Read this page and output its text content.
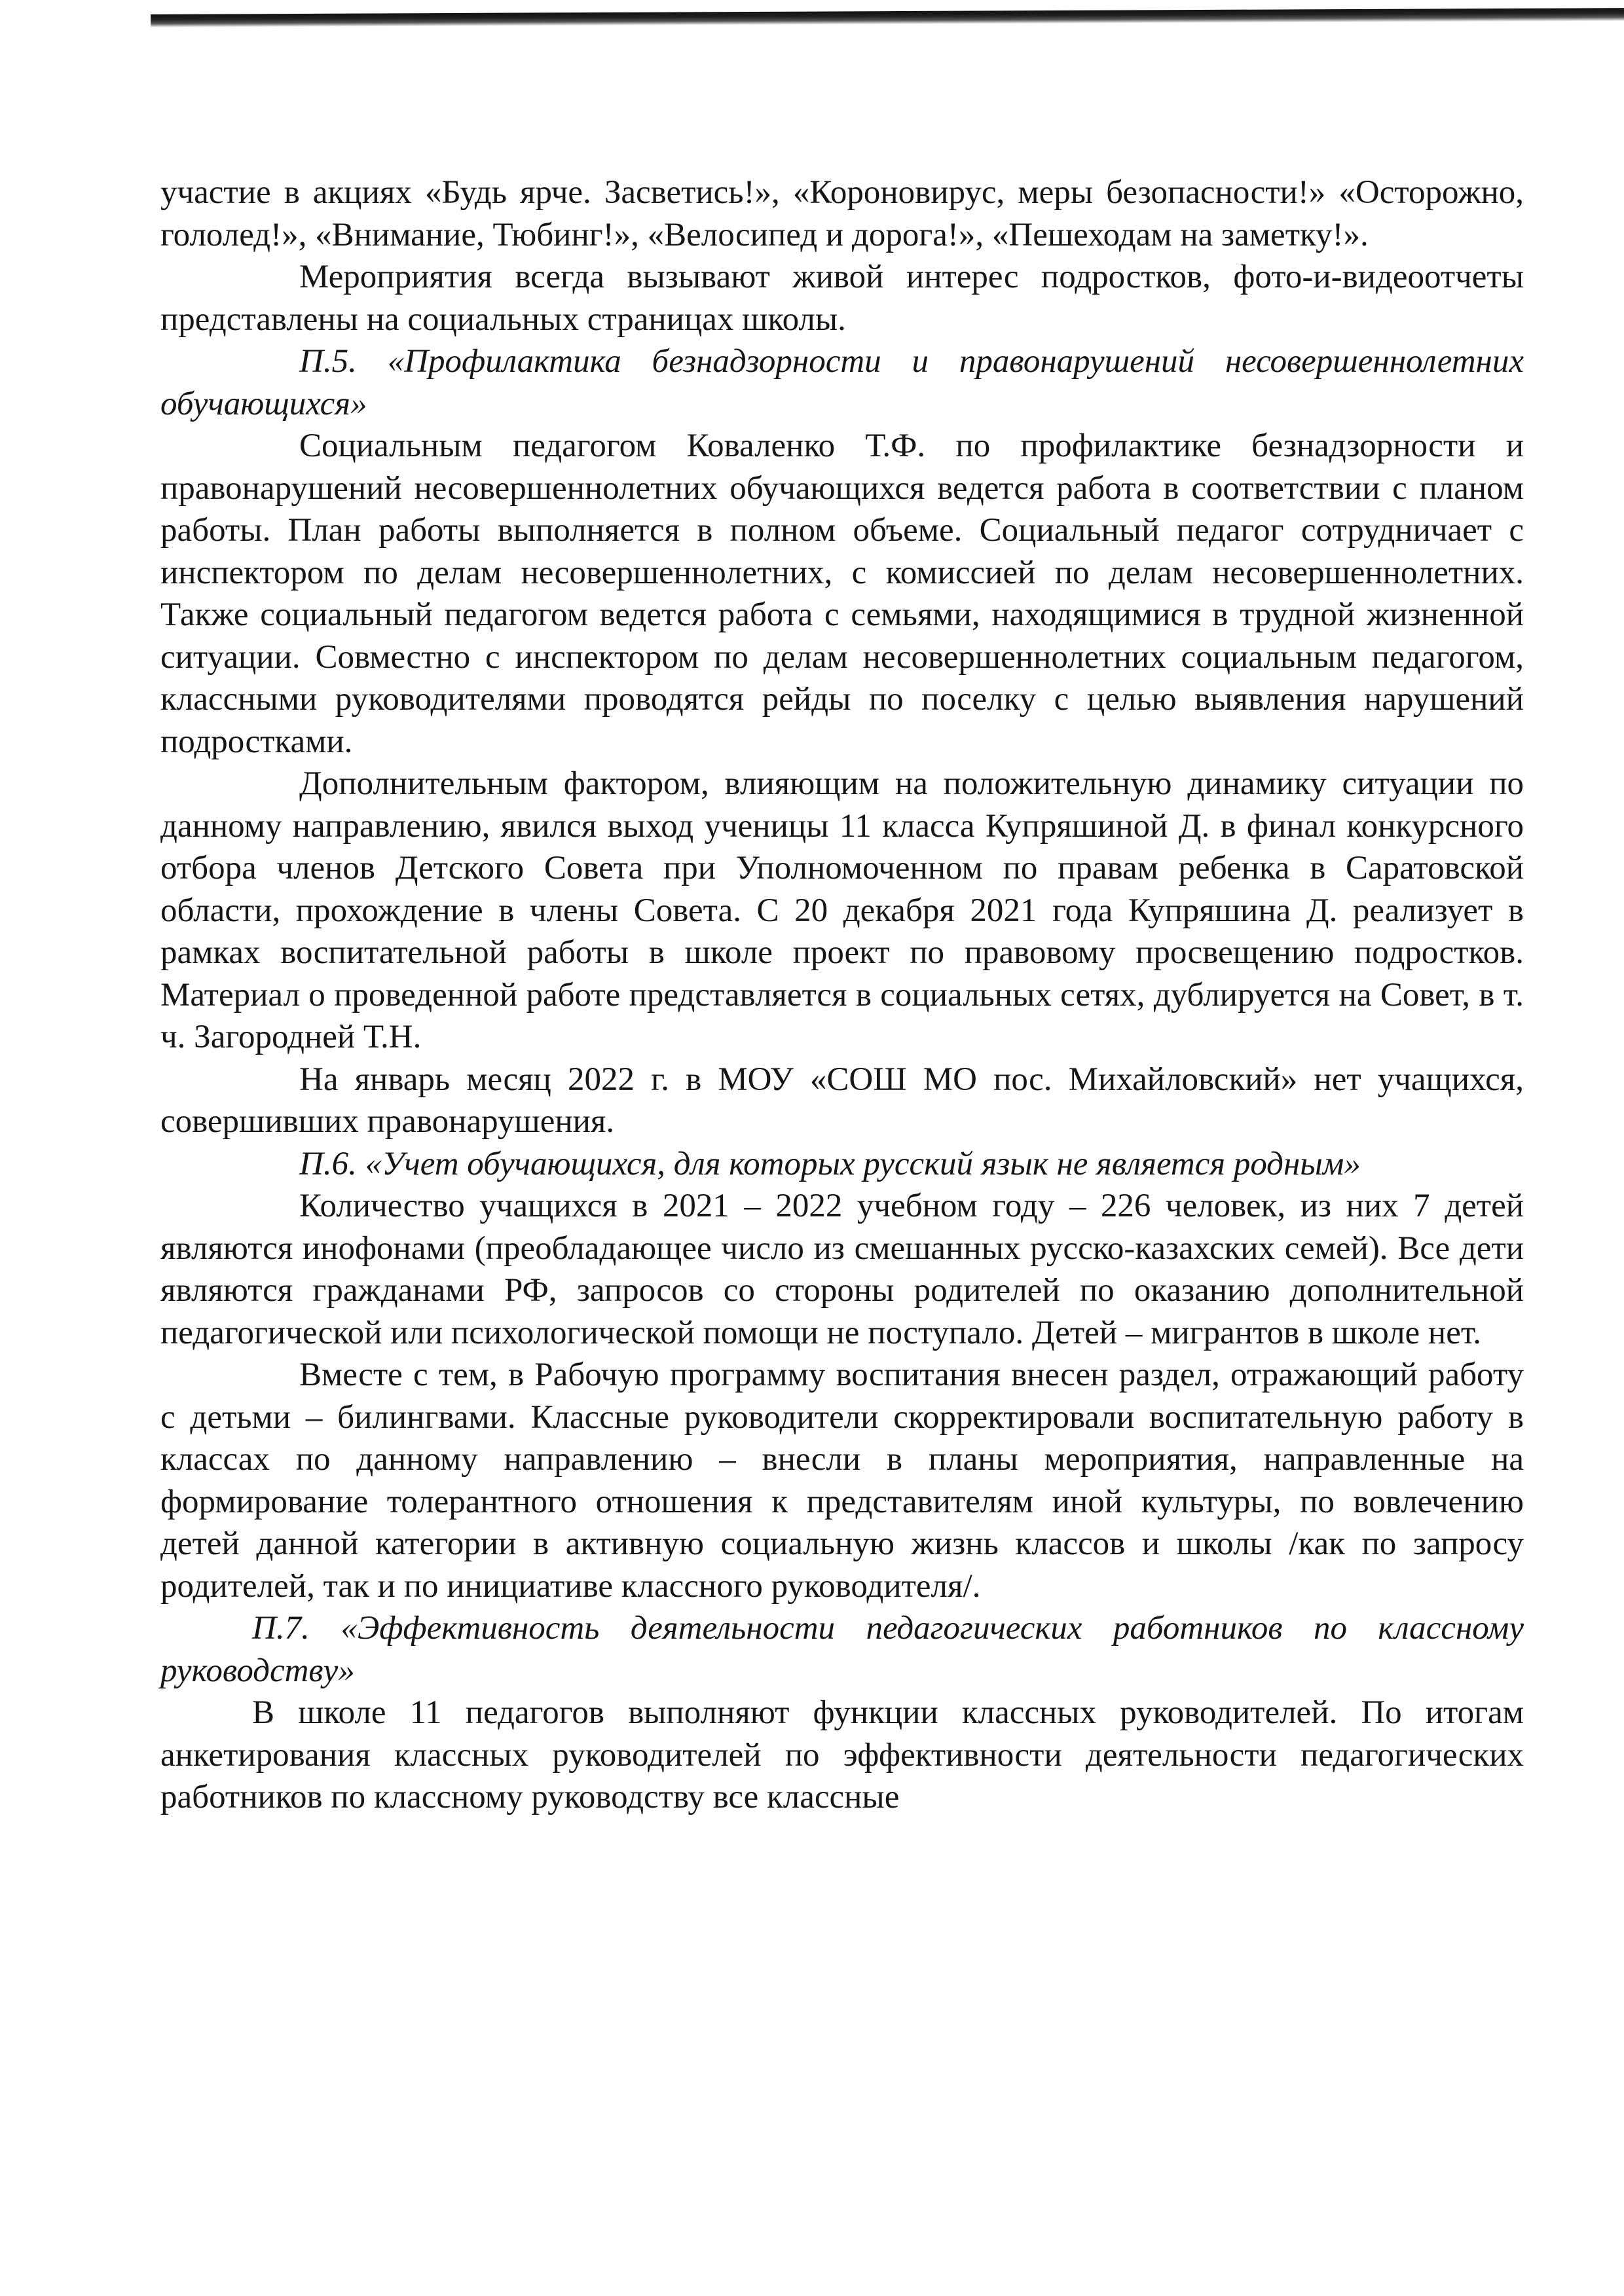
участие в акциях «Будь ярче. Засветись!», «Короновирус, меры безопасности!» «Осторожно, гололед!», «Внимание, Тюбинг!», «Велосипед и дорога!», «Пешеходам на заметку!».

Мероприятия всегда вызывают живой интерес подростков, фото-и-видеоотчеты представлены на социальных страницах школы.

П.5. «Профилактика безнадзорности и правонарушений несовершеннолетних обучающихся»

Социальным педагогом Коваленко Т.Ф. по профилактике безнадзорности и правонарушений несовершеннолетних обучающихся ведется работа в соответствии с планом работы. План работы выполняется в полном объеме. Социальный педагог сотрудничает с инспектором по делам несовершеннолетних, с комиссией по делам несовершеннолетних. Также социальный педагогом ведется работа с семьями, находящимися в трудной жизненной ситуации. Совместно с инспектором по делам несовершеннолетних социальным педагогом, классными руководителями проводятся рейды по поселку с целью выявления нарушений подростками.

Дополнительным фактором, влияющим на положительную динамику ситуации по данному направлению, явился выход ученицы 11 класса Купряшиной Д. в финал конкурсного отбора членов Детского Совета при Уполномоченном по правам ребенка в Саратовской области, прохождение в члены Совета. С 20 декабря 2021 года Купряшина Д. реализует в рамках воспитательной работы в школе проект по правовому просвещению подростков. Материал о проведенной работе представляется в социальных сетях, дублируется на Совет, в т. ч. Загородней Т.Н.

На январь месяц 2022 г. в МОУ «СОШ МО пос. Михайловский» нет учащихся, совершивших правонарушения.

П.6. «Учет обучающихся, для которых русский язык не является родным»

Количество учащихся в 2021 – 2022 учебном году – 226 человек, из них 7 детей являются инофонами (преобладающее число из смешанных русско-казахских семей). Все дети являются гражданами РФ, запросов со стороны родителей по оказанию дополнительной педагогической или психологической помощи не поступало. Детей – мигрантов в школе нет.

Вместе с тем, в Рабочую программу воспитания внесен раздел, отражающий работу с детьми – билингвами. Классные руководители скорректировали воспитательную работу в классах по данному направлению – внесли в планы мероприятия, направленные на формирование толерантного отношения к представителям иной культуры, по вовлечению детей данной категории в активную социальную жизнь классов и школы /как по запросу родителей, так и по инициативе классного руководителя/.

П.7. «Эффективность деятельности педагогических работников по классному руководству»

В школе 11 педагогов выполняют функции классных руководителей. По итогам анкетирования классных руководителей по эффективности деятельности педагогических работников по классному руководству все классные
